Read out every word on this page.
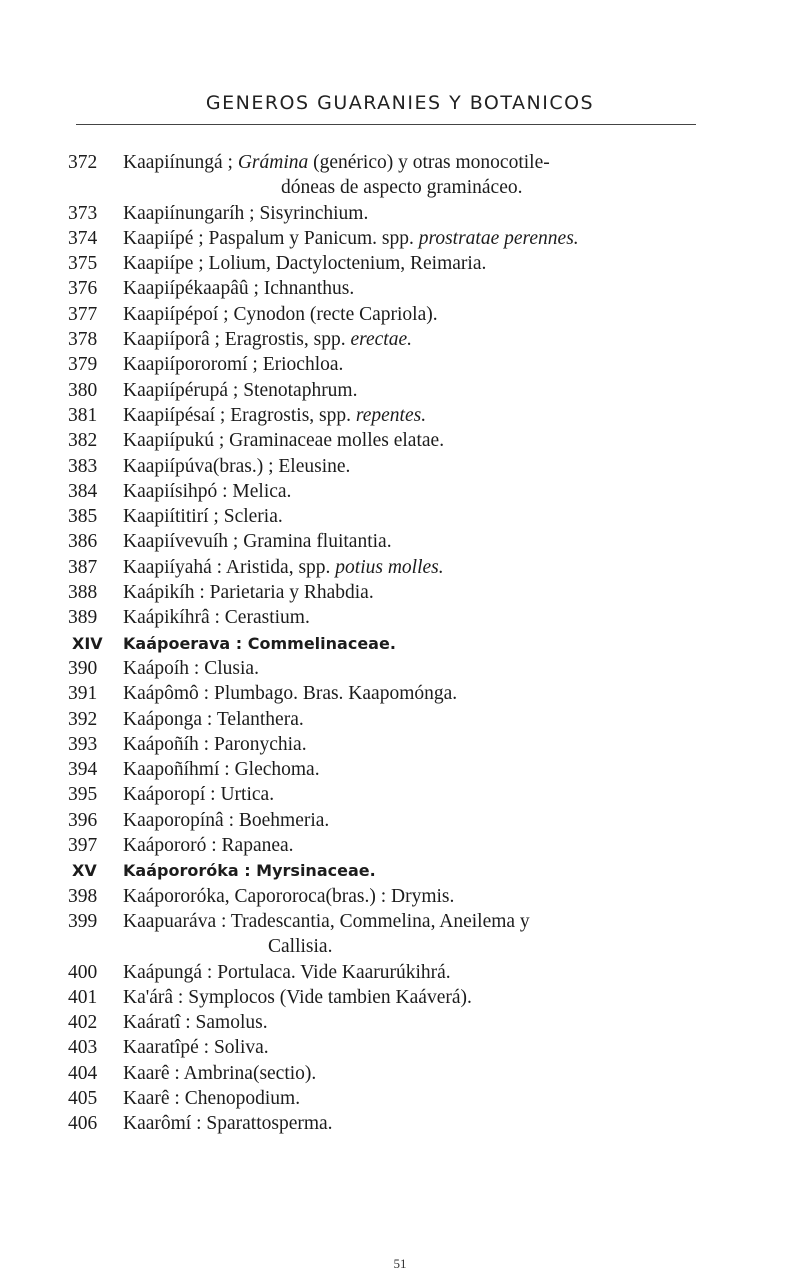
GENEROS GUARANIES Y BOTANICOS
372	Kaapiínungá ; Grámina (genérico) y otras monocotile-
dóneas de aspecto gramináceo.
373	Kaapiínungaríh ; Sisyrinchium.
374	Kaapiípé ; Paspalum y Panicum. spp. prostratae perennes.
375	Kaapiípe ; Lolium, Dactyloctenium, Reimaria.
376	Kaapiípékaapâû ; Ichnanthus.
377	Kaapiípépoí ; Cynodon (recte Capriola).
378	Kaapiíporâ ; Eragrostis, spp. erectae.
379	Kaapiípororomí ; Eriochloa.
380	Kaapiípérupá ; Stenotaphrum.
381	Kaapiípésaí ; Eragrostis, spp. repentes.
382	Kaapiípukú ; Graminaceae molles elatae.
383	Kaapiípúva(bras.) ; Eleusine.
384	Kaapiísihpó : Melica.
385	Kaapiítitirí ; Scleria.
386	Kaapiívevuíh ; Gramina fluitantia.
387	Kaapiíyahá : Aristida, spp. potius molles.
388	Kaápikíh : Parietaria y Rhabdia.
389	Kaápikíhrâ : Cerastium.
XIV	Kaápoerava : Commelinaceae.
390	Kaápoíh : Clusia.
391	Kaápômô : Plumbago. Bras. Kaapomónga.
392	Kaáponga : Telanthera.
393	Kaápoñíh : Paronychia.
394	Kaapoñíhmí : Glechoma.
395	Kaáporopí : Urtica.
396	Kaaporopínâ : Boehmeria.
397	Kaápororó : Rapanea.
XV	Kaápororóka : Myrsinaceae.
398	Kaápororóka, Capororoca(bras.) : Drymis.
399	Kaapuaráva : Tradescantia, Commelina, Aneilema y
Callisia.
400	Kaápungá : Portulaca. Vide Kaarurúkihrá.
401	Ka'árâ : Symplocos (Vide tambien Kaáverá).
402	Kaáratî : Samolus.
403	Kaaratîpé : Soliva.
404	Kaarê : Ambrina(sectio).
405	Kaarê : Chenopodium.
406	Kaarômí : Sparattosperma.
51
